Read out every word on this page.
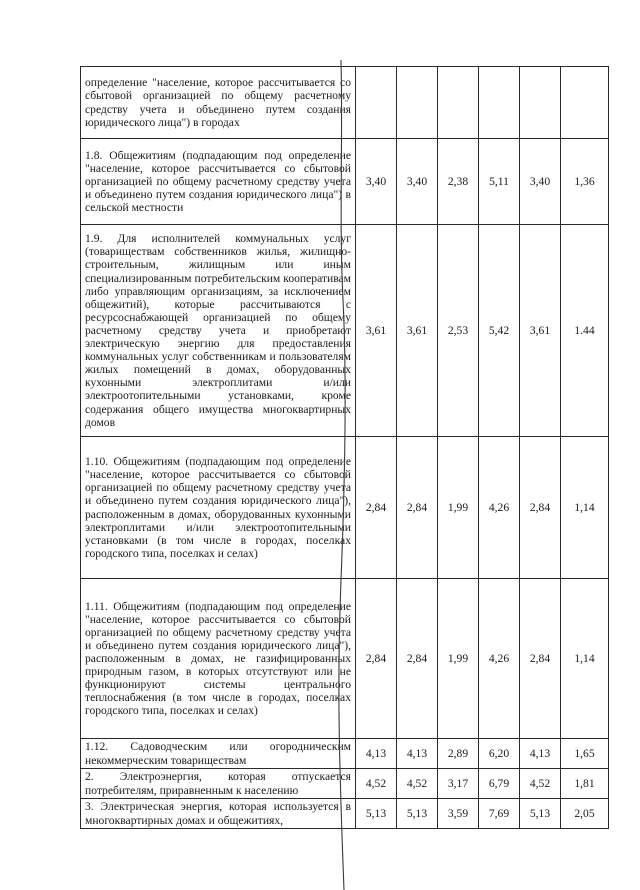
определение "население, которое рассчитывается со сбытовой организацией по общему расчетному средству учета и объединено путем создания юридического лица") в городах						
1.8. Общежитиям (подпадающим под определение "население, которое рассчитывается со сбытовой организацией по общему расчетному средству учета и объединено путем создания юридического лица") в сельской местности	3,40	3,40	2,38	5,11	3,40	1,36
1.9. Для исполнителей коммунальных услуг (товариществам собственников жилья, жилищно-строительным, жилищным или иным специализированным потребительским кооперативам либо управляющим организациям, за исключением общежитий), которые рассчитываются с ресурсоснабжающей организацией по общему расчетному средству учета и приобретают электрическую энергию для предоставления коммунальных услуг собственникам и пользователям жилых помещений в домах, оборудованных кухонными электроплитами и/или электроотопительными установками, кроме содержания общего имущества многоквартирных домов	3,61	3,61	2,53	5,42	3,61	1.44
1.10. Общежитиям (подпадающим под определение "население, которое рассчитывается со сбытовой организацией по общему расчетному средству учета и объединено путем создания юридического лица"), расположенным в домах, оборудованных кухонными электроплитами и/или электроотопительными установками (в том числе в городах, поселках городского типа, поселках и селах)	2,84	2,84	1,99	4,26	2,84	1,14
1.11. Общежитиям (подпадающим под определение "население, которое рассчитывается со сбытовой организацией по общему расчетному средству учета и объединено путем создания юридического лица"), расположенным в домах, не газифицированных природным газом, в которых отсутствуют или не функционируют системы центрального теплоснабжения (в том числе в городах, поселках городского типа, поселках и селах)	2,84	2,84	1,99	4,26	2,84	1,14
1.12. Садоводческим или огородническим некоммерческим товариществам	4,13	4,13	2,89	6,20	4,13	1,65
2. Электроэнергия, которая отпускается потребителям, приравненным к населению	4,52	4,52	3,17	6,79	4,52	1,81
3. Электрическая энергия, которая используется в многоквартирных домах и общежитиях,	5,13	5,13	3,59	7,69	5,13	2,05
